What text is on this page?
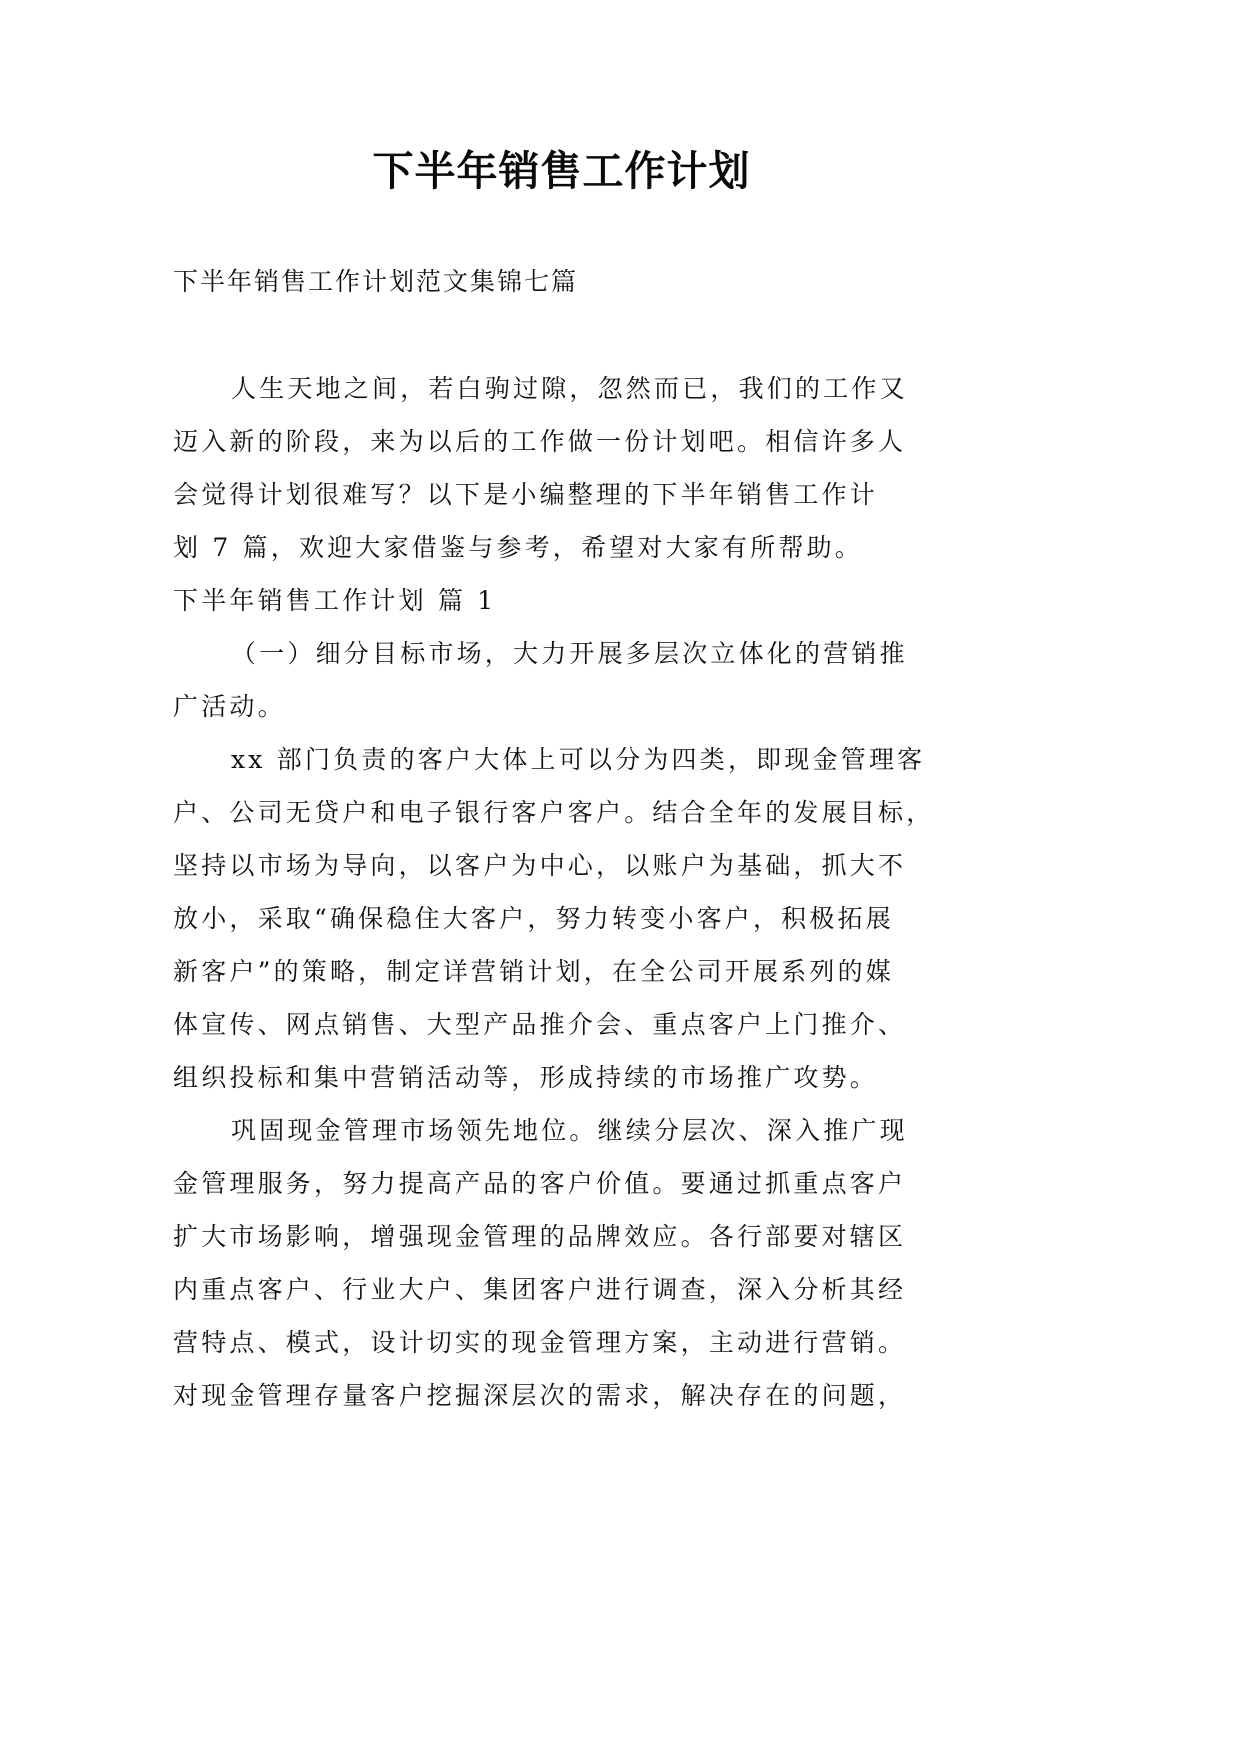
下半年销售工作计划
下半年销售工作计划范文集锦七篇

人生天地之间，若白驹过隙，忽然而已，我们的工作又

迈入新的阶段，来为以后的工作做一份计划吧。相信许多人

会觉得计划很难写？以下是小编整理的下半年销售工作计

划 7 篇，欢迎大家借鉴与参考，希望对大家有所帮助。

下半年销售工作计划 篇 1

（一）细分目标市场，大力开展多层次立体化的营销推

广活动。

xx 部门负责的客户大体上可以分为四类，即现金管理客

户、公司无贷户和电子银行客户客户。结合全年的发展目标，

坚持以市场为导向，以客户为中心，以账户为基础，抓大不

放小，采取“确保稳住大客户，努力转变小客户，积极拓展

新客户”的策略，制定详营销计划，在全公司开展系列的媒

体宣传、网点销售、大型产品推介会、重点客户上门推介、

组织投标和集中营销活动等，形成持续的市场推广攻势。

巩固现金管理市场领先地位。继续分层次、深入推广现

金管理服务，努力提高产品的客户价值。要通过抓重点客户

扩大市场影响，增强现金管理的品牌效应。各行部要对辖区

内重点客户、行业大户、集团客户进行调查，深入分析其经

营特点、模式，设计切实的现金管理方案，主动进行营销。

对现金管理存量客户挖掘深层次的需求，解决存在的问题，
